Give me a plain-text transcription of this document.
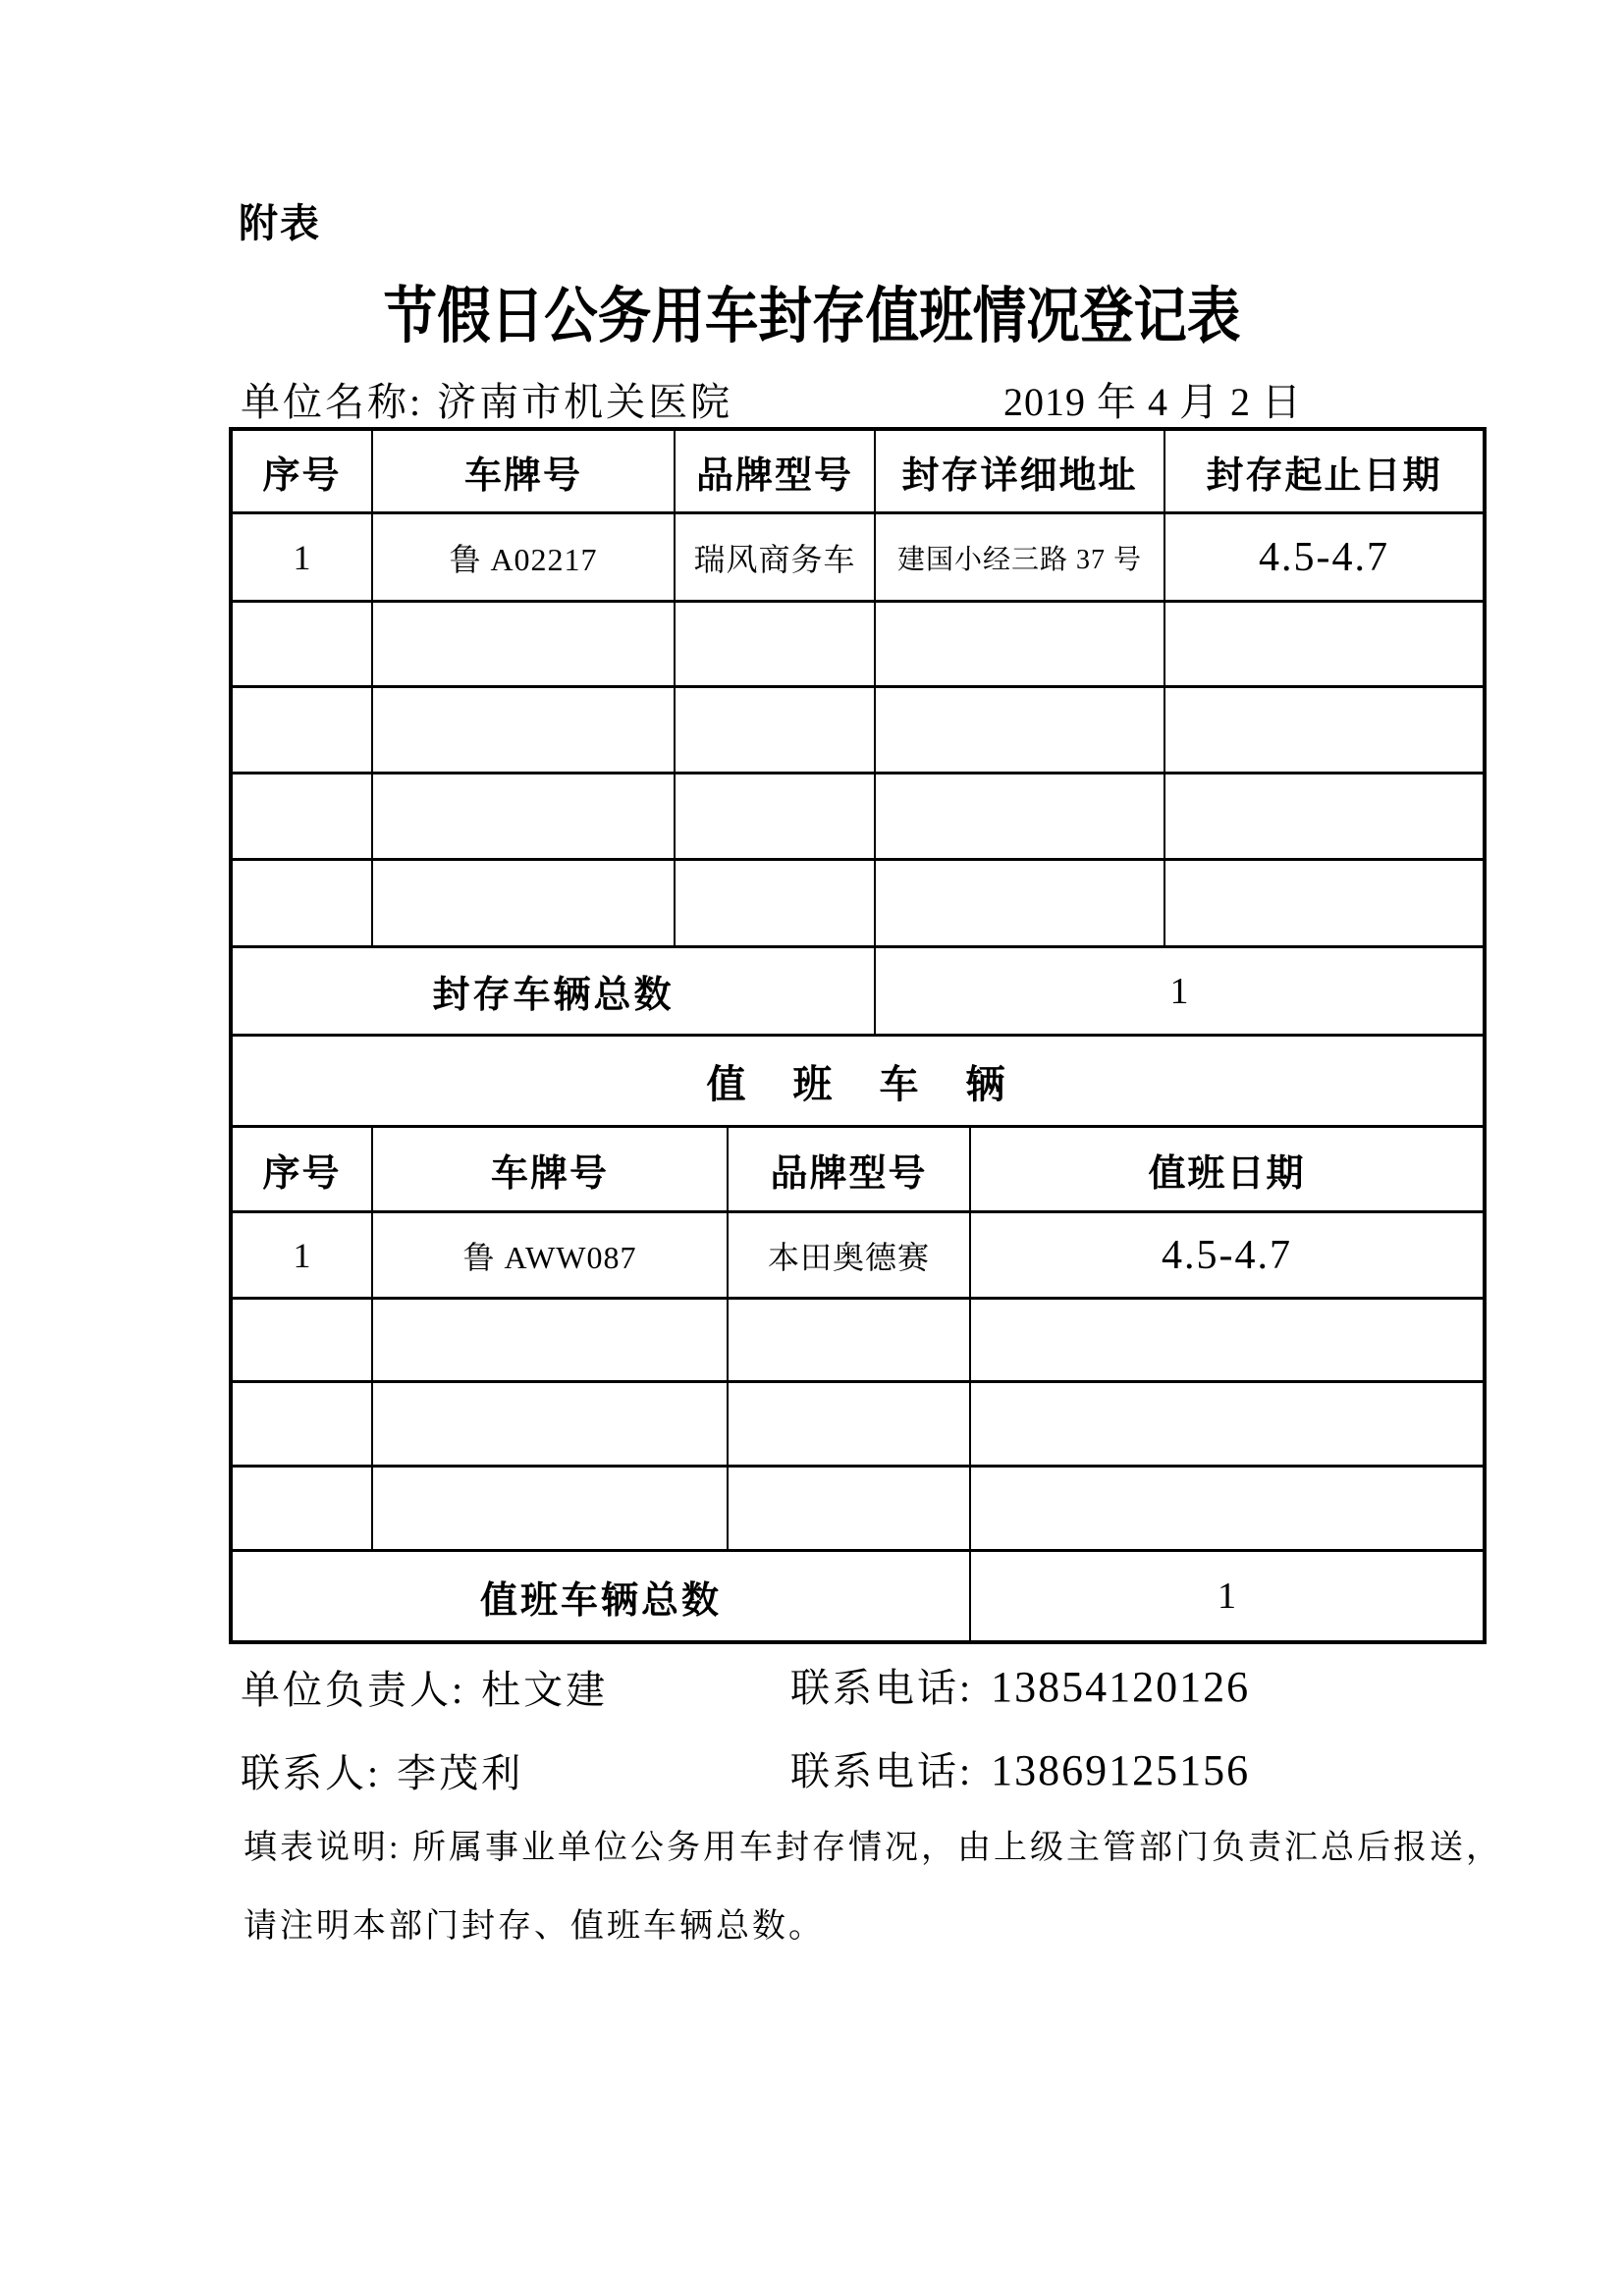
附表
节假日公务用车封存值班情况登记表
单位名称: 济南市机关医院	2019 年 4 月 2 日
序号	车牌号	品牌型号	封存详细地址	封存起止日期
1	鲁 A02217	瑞风商务车	建国小经三路 37 号	4.5-4.7
封存车辆总数	1
值　班　车　辆
序号	车牌号	品牌型号	值班日期
1	鲁 AWW087	本田奥德赛	4.5-4.7
值班车辆总数	1
单位负责人: 杜文建	联系电话: 13854120126
联系人: 李茂利	联系电话: 13869125156
填表说明: 所属事业单位公务用车封存情况，由上级主管部门负责汇总后报送，
请注明本部门封存、值班车辆总数。
